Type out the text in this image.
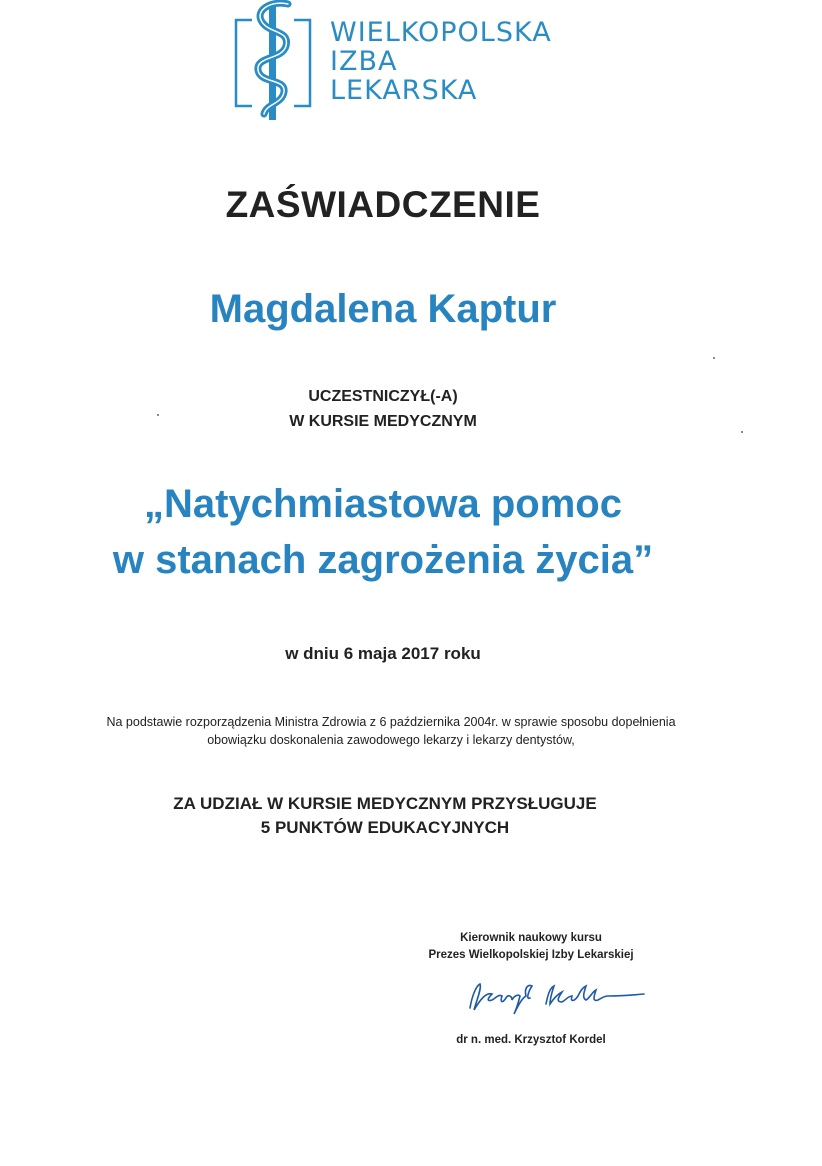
WIELKOPOLSKA
IZBA
LEKARSKA
ZAŚWIADCZENIE
Magdalena Kaptur
UCZESTNICZYŁ(-A)
W KURSIE MEDYCZNYM
„Natychmiastowa pomoc
w stanach zagrożenia życia”
w dniu 6 maja 2017 roku
Na podstawie rozporządzenia Ministra Zdrowia z 6 października 2004r. w sprawie sposobu dopełnienia
obowiązku doskonalenia zawodowego lekarzy i lekarzy dentystów,
ZA UDZIAŁ W KURSIE MEDYCZNYM PRZYSŁUGUJE
5 PUNKTÓW EDUKACYJNYCH
Kierownik naukowy kursu
Prezes Wielkopolskiej Izby Lekarskiej
dr n. med. Krzysztof Kordel
